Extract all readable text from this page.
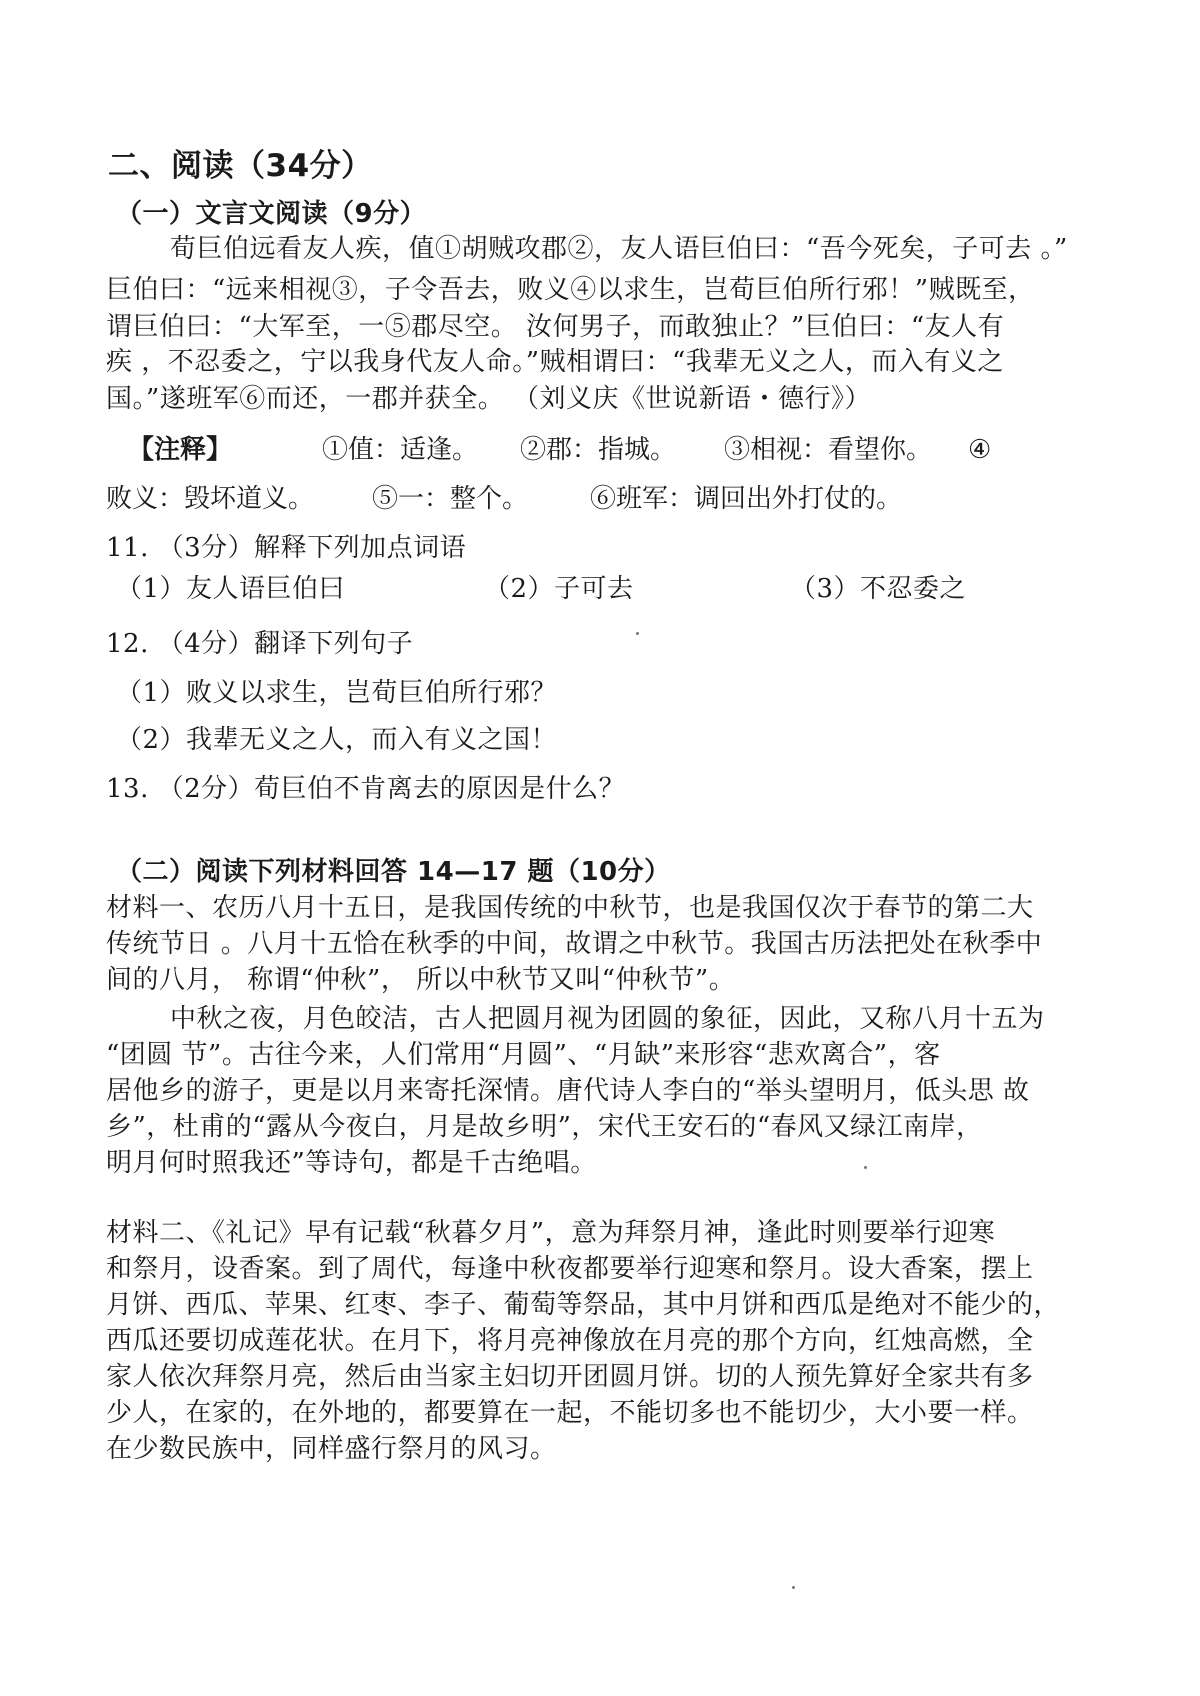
二、阅读（34分）
（一）文言文阅读（9分）
荀巨伯远看友人疾，值①胡贼攻郡②，友人语巨伯曰：“吾今死矣，子可去 。”
巨伯曰：“远来相视③，子令吾去，败义④以求生，岂荀巨伯所行邪！”贼既至，
谓巨伯曰：“大军至，一⑤郡尽空。 汝何男子，而敢独止？”巨伯曰：“友人有
疾 ，不忍委之，宁以我身代友人命。”贼相谓曰：“我辈无义之人，而入有义之
国。”遂班军⑥而还，一郡并获全。 （刘义庆《世说新语・德行》）
【注释】	①值：适逢。 ②郡：指城。 ③相视：看望你。 ④
败义：毁坏道义。 ⑤一：整个。 ⑥班军：调回出外打仗的。
11. （3分）解释下列加点词语
（1）友人语巨伯曰	（2）子可去	（3）不忍委之
12. （4分）翻译下列句子
（1）败义以求生，岂荀巨伯所行邪？
（2）我辈无义之人，而入有义之国！
13. （2分）荀巨伯不肯离去的原因是什么？
（二）阅读下列材料回答 14—17 题（10分）
材料一、农历八月十五日，是我国传统的中秋节，也是我国仅次于春节的第二大
传统节日 。八月十五恰在秋季的中间，故谓之中秋节。我国古历法把处在秋季中
间的八月， 称谓“仲秋”， 所以中秋节又叫“仲秋节”。
中秋之夜，月色皎洁，古人把圆月视为团圆的象征，因此，又称八月十五为
“团圆 节”。古往今来，人们常用“月圆”、“月缺”来形容“悲欢离合”，客
居他乡的游子，更是以月来寄托深情。唐代诗人李白的“举头望明月，低头思 故
乡”，杜甫的“露从今夜白，月是故乡明”，宋代王安石的“春风又绿江南岸，
明月何时照我还”等诗句，都是千古绝唱。
材料二、《礼记》早有记载“秋暮夕月”，意为拜祭月神，逢此时则要举行迎寒
和祭月，设香案。到了周代，每逢中秋夜都要举行迎寒和祭月。设大香案，摆上
月饼、西瓜、苹果、红枣、李子、葡萄等祭品，其中月饼和西瓜是绝对不能少的，
西瓜还要切成莲花状。在月下，将月亮神像放在月亮的那个方向，红烛高燃，全
家人依次拜祭月亮，然后由当家主妇切开团圆月饼。切的人预先算好全家共有多
少人，在家的，在外地的，都要算在一起，不能切多也不能切少，大小要一样。
在少数民族中，同样盛行祭月的风习。
